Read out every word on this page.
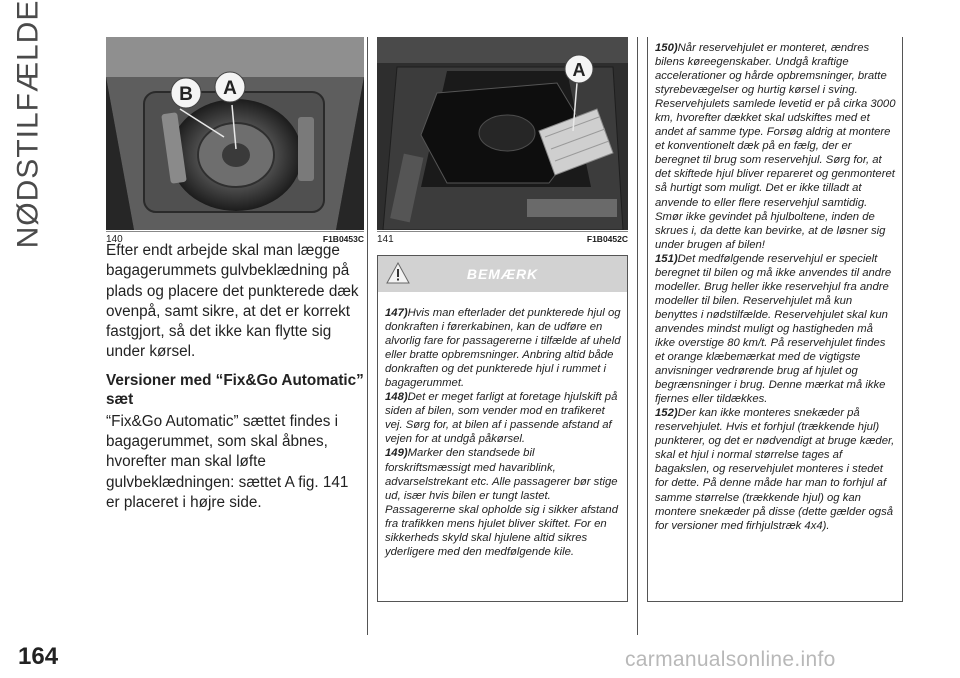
NØDSTILFÆLDE	B A
140	F1B0453C
A
141	F1B0452C

Efter endt arbejde skal man lægge bagagerummets gulvbeklædning på plads og placere det punkterede dæk ovenpå, samt sikre, at det er korrekt fastgjort, så det ikke kan flytte sig under kørsel.

Versioner med “Fix&Go Automatic” sæt

“Fix&Go Automatic” sættet findes i bagagerummet, som skal åbnes, hvorefter man skal løfte gulvbeklædningen: sættet A fig. 141 er placeret i højre side.

BEMÆRK
147)Hvis man efterlader det punkterede hjul og donkraften i førerkabinen, kan de udføre en alvorlig fare for passagererne i tilfælde af uheld eller bratte opbremsninger. Anbring altid både donkraften og det punkterede hjul i rummet i bagagerummet.
148)Det er meget farligt at foretage hjulskift på siden af bilen, som vender mod en trafikeret vej. Sørg for, at bilen af i passende afstand af vejen for at undgå påkørsel.
149)Marker den standsede bil forskriftsmæssigt med havariblink, advarselstrekant etc. Alle passagerer bør stige ud, især hvis bilen er tungt lastet. Passagererne skal opholde sig i sikker afstand fra trafikken mens hjulet bliver skiftet. For en sikkerheds skyld skal hjulene altid sikres yderligere med den medfølgende kile.
150)Når reservehjulet er monteret, ændres bilens køreegenskaber. Undgå kraftige accelerationer og hårde opbremsninger, bratte styrebevægelser og hurtig kørsel i sving. Reservehjulets samlede levetid er på cirka 3000 km, hvorefter dækket skal udskiftes med et andet af samme type. Forsøg aldrig at montere et konventionelt dæk på en fælg, der er beregnet til brug som reservehjul. Sørg for, at det skiftede hjul bliver repareret og genmonteret så hurtigt som muligt. Det er ikke tilladt at anvende to eller flere reservehjul samtidig. Smør ikke gevindet på hjulboltene, inden de skrues i, da dette kan bevirke, at de løsner sig under brugen af bilen!
151)Det medfølgende reservehjul er specielt beregnet til bilen og må ikke anvendes til andre modeller. Brug heller ikke reservehjul fra andre modeller til bilen. Reservehjulet må kun benyttes i nødstilfælde. Reservehjulet skal kun anvendes mindst muligt og hastigheden må ikke overstige 80 km/t. På reservehjulet findes et orange klæbemærkat med de vigtigste anvisninger vedrørende brug af hjulet og begrænsninger i brug. Denne mærkat må ikke fjernes eller tildækkes.
152)Der kan ikke monteres snekæder på reservehjulet. Hvis et forhjul (trækkende hjul) punkterer, og det er nødvendigt at bruge kæder, skal et hjul i normal størrelse tages af bagakslen, og reservehjulet monteres i stedet for dette. På denne måde har man to forhjul af samme størrelse (trækkende hjul) og kan montere snekæder på disse (dette gælder også for versioner med firhjulstræk 4x4).
164	carmanualsonline.info
